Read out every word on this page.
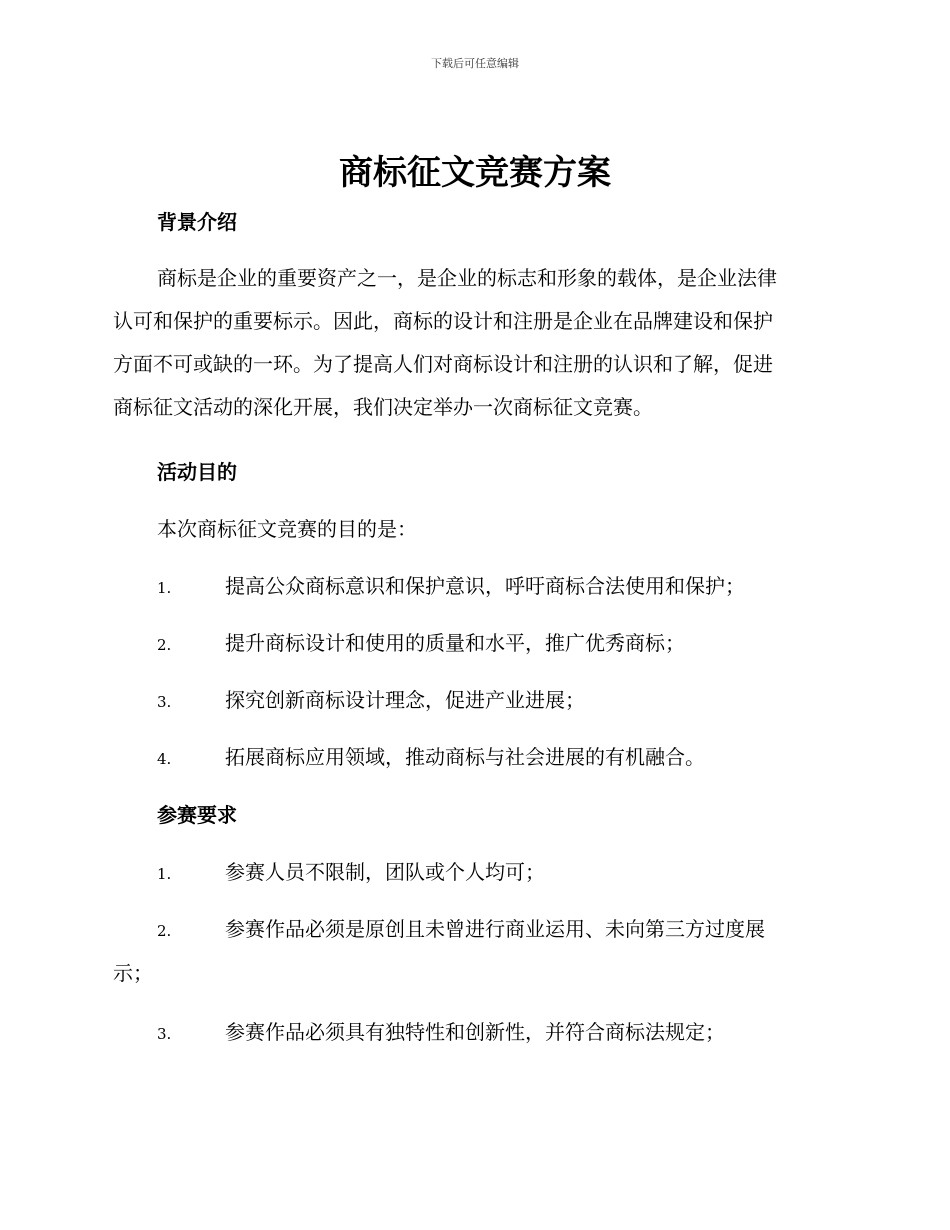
下载后可任意编辑
商标征文竞赛方案
背景介绍
商标是企业的重要资产之一，是企业的标志和形象的载体，是企业法律
认可和保护的重要标示。因此，商标的设计和注册是企业在品牌建设和保护
方面不可或缺的一环。为了提高人们对商标设计和注册的认识和了解，促进
商标征文活动的深化开展，我们决定举办一次商标征文竞赛。
活动目的
本次商标征文竞赛的目的是：
1.	提高公众商标意识和保护意识，呼吁商标合法使用和保护；
2.	提升商标设计和使用的质量和水平，推广优秀商标；
3.	探究创新商标设计理念，促进产业进展；
4.	拓展商标应用领域，推动商标与社会进展的有机融合。
参赛要求
1.	参赛人员不限制，团队或个人均可；
2.	参赛作品必须是原创且未曾进行商业运用、未向第三方过度展
示；
3.	参赛作品必须具有独特性和创新性，并符合商标法规定；
